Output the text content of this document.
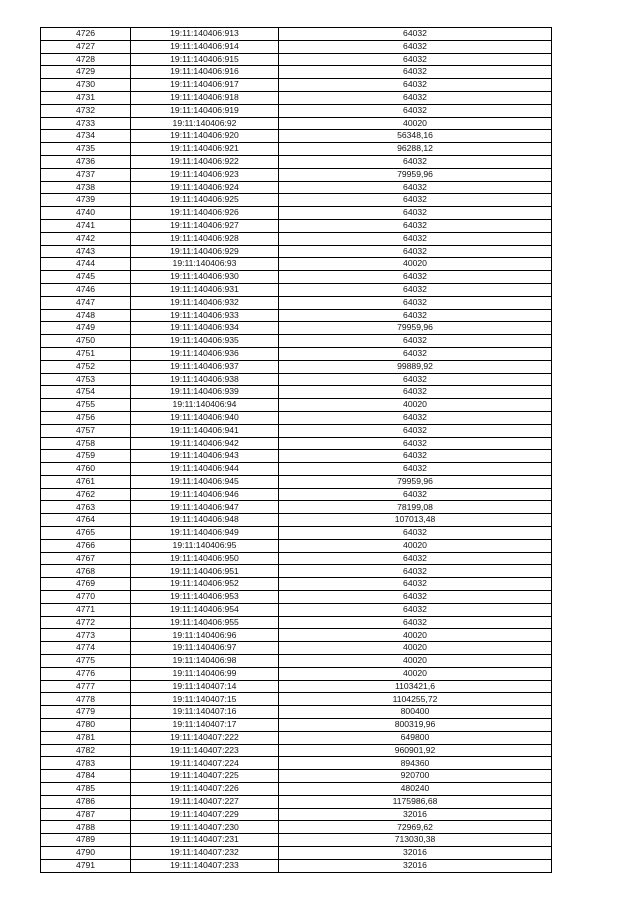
4726	19:11:140406:913	64032
4727	19:11:140406:914	64032
4728	19:11:140406:915	64032
4729	19:11:140406:916	64032
4730	19:11:140406:917	64032
4731	19:11:140406:918	64032
4732	19:11:140406:919	64032
4733	19:11:140406:92	40020
4734	19:11:140406:920	56348,16
4735	19:11:140406:921	96288,12
4736	19:11:140406:922	64032
4737	19:11:140406:923	79959,96
4738	19:11:140406:924	64032
4739	19:11:140406:925	64032
4740	19:11:140406:926	64032
4741	19:11:140406:927	64032
4742	19:11:140406:928	64032
4743	19:11:140406:929	64032
4744	19:11:140406:93	40020
4745	19:11:140406:930	64032
4746	19:11:140406:931	64032
4747	19:11:140406:932	64032
4748	19:11:140406:933	64032
4749	19:11:140406:934	79959,96
4750	19:11:140406:935	64032
4751	19:11:140406:936	64032
4752	19:11:140406:937	99889,92
4753	19:11:140406:938	64032
4754	19:11:140406:939	64032
4755	19:11:140406:94	40020
4756	19:11:140406:940	64032
4757	19:11:140406:941	64032
4758	19:11:140406:942	64032
4759	19:11:140406:943	64032
4760	19:11:140406:944	64032
4761	19:11:140406:945	79959,96
4762	19:11:140406:946	64032
4763	19:11:140406:947	78199,08
4764	19:11:140406:948	107013,48
4765	19:11:140406:949	64032
4766	19:11:140406:95	40020
4767	19:11:140406:950	64032
4768	19:11:140406:951	64032
4769	19:11:140406:952	64032
4770	19:11:140406:953	64032
4771	19:11:140406:954	64032
4772	19:11:140406:955	64032
4773	19:11:140406:96	40020
4774	19:11:140406:97	40020
4775	19:11:140406:98	40020
4776	19:11:140406:99	40020
4777	19:11:140407:14	1103421,6
4778	19:11:140407:15	1104255,72
4779	19:11:140407:16	800400
4780	19:11:140407:17	800319,96
4781	19:11:140407:222	649800
4782	19:11:140407:223	960901,92
4783	19:11:140407:224	894360
4784	19:11:140407:225	920700
4785	19:11:140407:226	480240
4786	19:11:140407:227	1175986,68
4787	19:11:140407:229	32016
4788	19:11:140407:230	72969,62
4789	19:11:140407:231	713030,38
4790	19:11:140407:232	32016
4791	19:11:140407:233	32016
